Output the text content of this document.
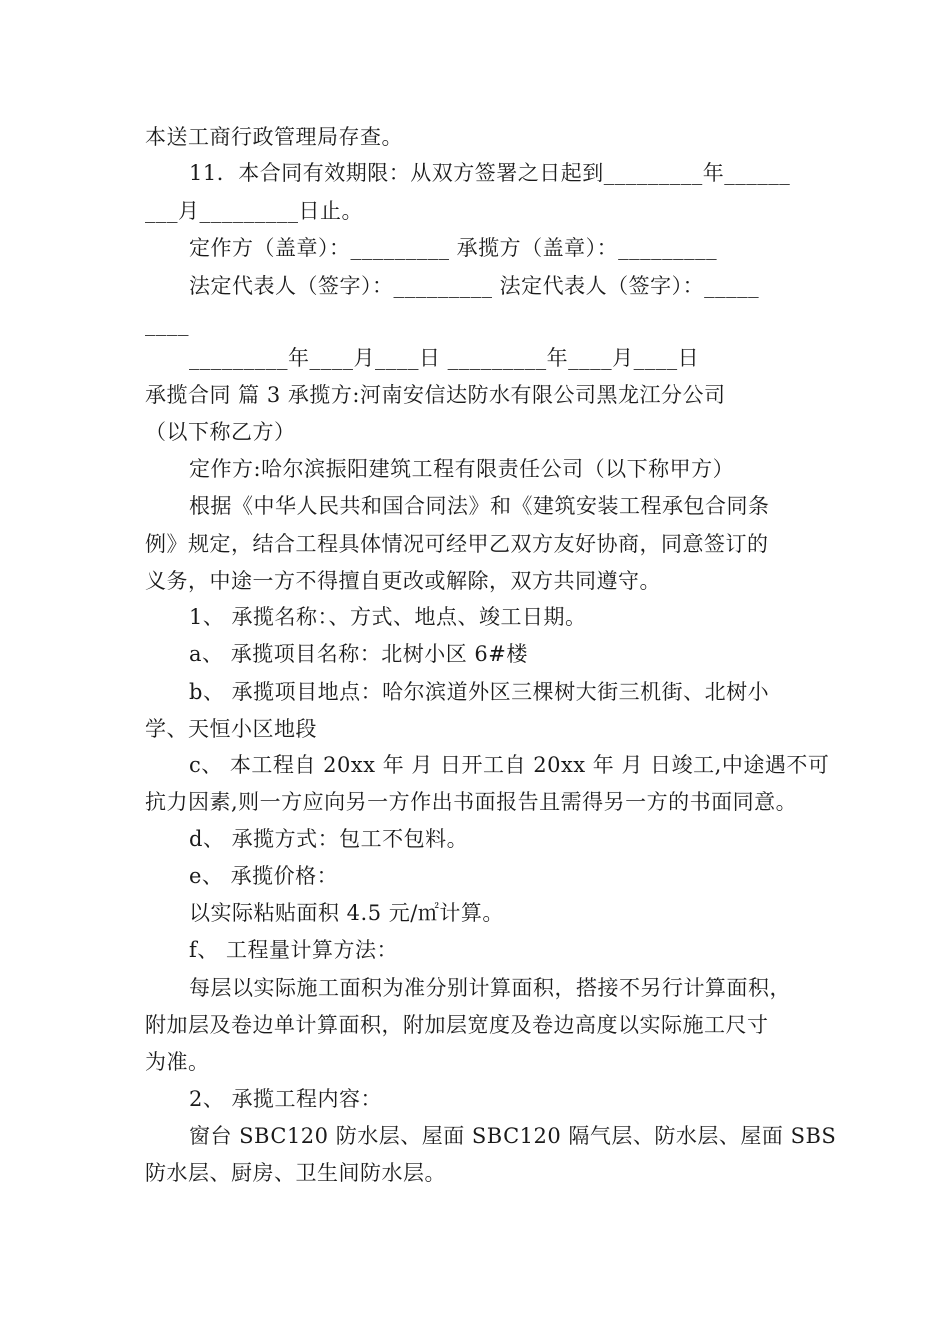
本送工商行政管理局存查。
11．本合同有效期限：从双方签署之日起到_________年______
___月_________日止。
定作方（盖章）：_________ 承揽方（盖章）：_________
法定代表人（签字）：_________ 法定代表人（签字）：_____
____
_________年____月____日 _________年____月____日
承揽合同 篇 3 承揽方:河南安信达防水有限公司黑龙江分公司
（以下称乙方）
定作方:哈尔滨振阳建筑工程有限责任公司（以下称甲方）
根据《中华人民共和国合同法》和《建筑安装工程承包合同条
例》规定，结合工程具体情况可经甲乙双方友好协商，同意签订的
义务，中途一方不得擅自更改或解除，双方共同遵守。
1、 承揽名称：、方式、地点、竣工日期。
a、 承揽项目名称：北树小区 6#楼
b、 承揽项目地点：哈尔滨道外区三棵树大街三机街、北树小
学、天恒小区地段
c、 本工程自 20xx 年 月 日开工自 20xx 年 月 日竣工,中途遇不可
抗力因素,则一方应向另一方作出书面报告且需得另一方的书面同意。
d、 承揽方式：包工不包料。
e、 承揽价格：
以实际粘贴面积 4.5 元/㎡计算。
f、 工程量计算方法：
每层以实际施工面积为准分别计算面积，搭接不另行计算面积，
附加层及卷边单计算面积，附加层宽度及卷边高度以实际施工尺寸
为准。
2、 承揽工程内容：
窗台 SBC120 防水层、屋面 SBC120 隔气层、防水层、屋面 SBS
防水层、厨房、卫生间防水层。
